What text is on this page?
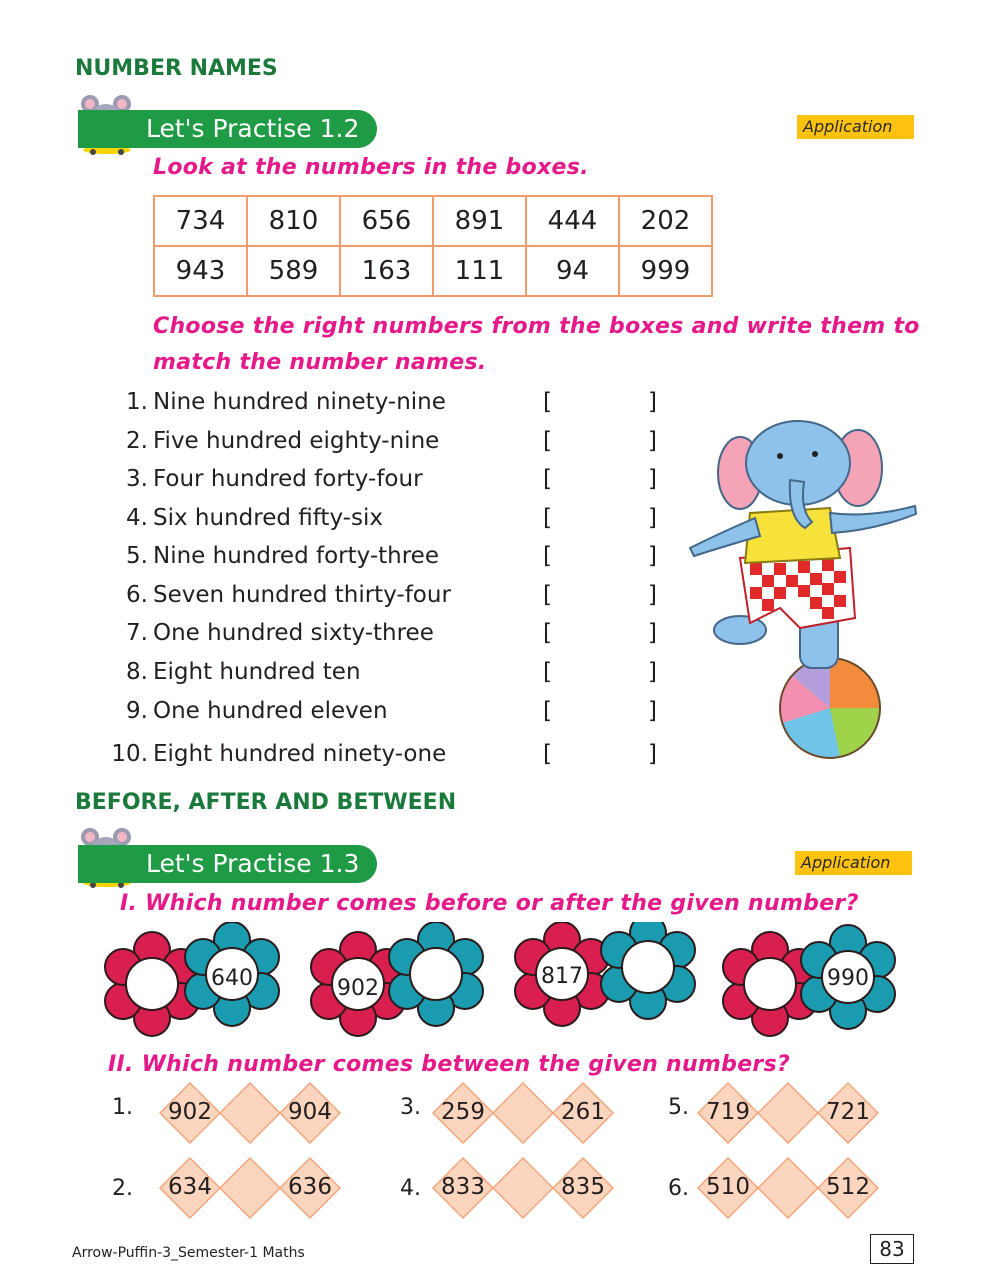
NUMBER NAMES
Let's Practise 1.2	Application
Look at the numbers in the boxes.
734	810	656	891	444	202
943	589	163	111	94	999
Choose the right numbers from the boxes and write them to
match the number names.
1. Nine hundred ninety-nine	[	]
2. Five hundred eighty-nine	[	]
3. Four hundred forty-four	[	]
4. Six hundred fifty-six	[	]
5. Nine hundred forty-three	[	]
6. Seven hundred thirty-four	[	]
7. One hundred sixty-three	[	]
8. Eight hundred ten	[	]
9. One hundred eleven	[	]
10. Eight hundred ninety-one	[	]
BEFORE, AFTER AND BETWEEN
Let's Practise 1.3	Application
I. Which number comes before or after the given number?
640	902	817	990
II. Which number comes between the given numbers?
1. 902	904
2. 634	636
3. 259	261
4. 833	835
5. 719	721
6. 510	512
Arrow-Puffin-3_Semester-1 Maths	83
